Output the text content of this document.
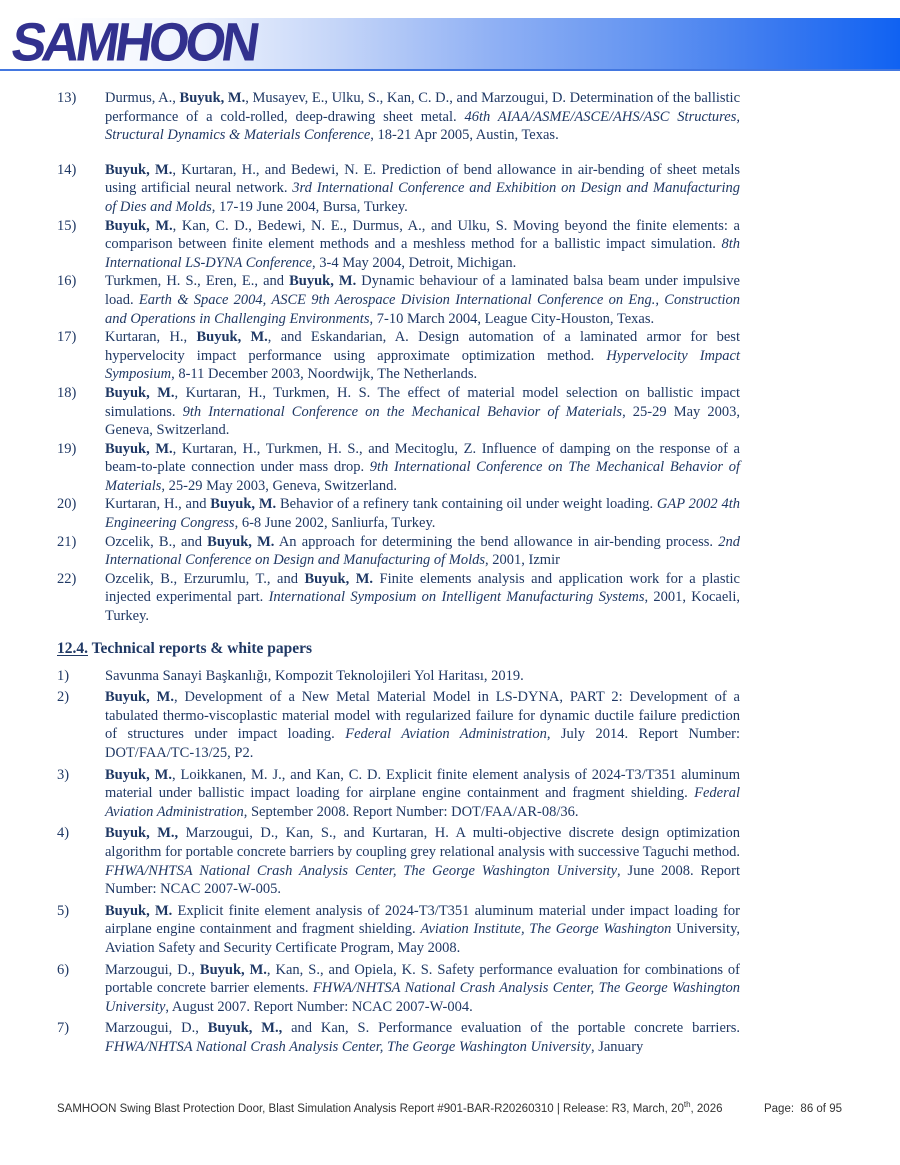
SAMHOON
13)	Durmus, A., Buyuk, M., Musayev, E., Ulku, S., Kan, C. D., and Marzougui, D. Determination of the ballistic performance of a cold-rolled, deep-drawing sheet metal. 46th AIAA/ASME/ASCE/AHS/ASC Structures, Structural Dynamics & Materials Conference, 18-21 Apr 2005, Austin, Texas.
14)	Buyuk, M., Kurtaran, H., and Bedewi, N. E. Prediction of bend allowance in air-bending of sheet metals using artificial neural network. 3rd International Conference and Exhibition on Design and Manufacturing of Dies and Molds, 17-19 June 2004, Bursa, Turkey.
15)	Buyuk, M., Kan, C. D., Bedewi, N. E., Durmus, A., and Ulku, S. Moving beyond the finite elements: a comparison between finite element methods and a meshless method for a ballistic impact simulation. 8th International LS-DYNA Conference, 3-4 May 2004, Detroit, Michigan.
16)	Turkmen, H. S., Eren, E., and Buyuk, M. Dynamic behaviour of a laminated balsa beam under impulsive load. Earth & Space 2004, ASCE 9th Aerospace Division International Conference on Eng., Construction and Operations in Challenging Environments, 7-10 March 2004, League City-Houston, Texas.
17)	Kurtaran, H., Buyuk, M., and Eskandarian, A. Design automation of a laminated armor for best hypervelocity impact performance using approximate optimization method. Hypervelocity Impact Symposium, 8-11 December 2003, Noordwijk, The Netherlands.
18)	Buyuk, M., Kurtaran, H., Turkmen, H. S. The effect of material model selection on ballistic impact simulations. 9th International Conference on the Mechanical Behavior of Materials, 25-29 May 2003, Geneva, Switzerland.
19)	Buyuk, M., Kurtaran, H., Turkmen, H. S., and Mecitoglu, Z. Influence of damping on the response of a beam-to-plate connection under mass drop. 9th International Conference on The Mechanical Behavior of Materials, 25-29 May 2003, Geneva, Switzerland.
20)	Kurtaran, H., and Buyuk, M. Behavior of a refinery tank containing oil under weight loading. GAP 2002 4th Engineering Congress, 6-8 June 2002, Sanliurfa, Turkey.
21)	Ozcelik, B., and Buyuk, M. An approach for determining the bend allowance in air-bending process. 2nd International Conference on Design and Manufacturing of Molds, 2001, Izmir
22)	Ozcelik, B., Erzurumlu, T., and Buyuk, M. Finite elements analysis and application work for a plastic injected experimental part. International Symposium on Intelligent Manufacturing Systems, 2001, Kocaeli, Turkey.
12.4. Technical reports & white papers
1)	Savunma Sanayi Başkanlığı, Kompozit Teknolojileri Yol Haritası, 2019.
2)	Buyuk, M., Development of a New Metal Material Model in LS-DYNA, PART 2: Development of a tabulated thermo-viscoplastic material model with regularized failure for dynamic ductile failure prediction of structures under impact loading. Federal Aviation Administration, July 2014. Report Number: DOT/FAA/TC-13/25, P2.
3)	Buyuk, M., Loikkanen, M. J., and Kan, C. D. Explicit finite element analysis of 2024-T3/T351 aluminum material under ballistic impact loading for airplane engine containment and fragment shielding. Federal Aviation Administration, September 2008. Report Number: DOT/FAA/AR-08/36.
4)	Buyuk, M., Marzougui, D., Kan, S., and Kurtaran, H. A multi-objective discrete design optimization algorithm for portable concrete barriers by coupling grey relational analysis with successive Taguchi method. FHWA/NHTSA National Crash Analysis Center, The George Washington University, June 2008. Report Number: NCAC 2007-W-005.
5)	Buyuk, M. Explicit finite element analysis of 2024-T3/T351 aluminum material under impact loading for airplane engine containment and fragment shielding. Aviation Institute, The George Washington University, Aviation Safety and Security Certificate Program, May 2008.
6)	Marzougui, D., Buyuk, M., Kan, S., and Opiela, K. S. Safety performance evaluation for combinations of portable concrete barrier elements. FHWA/NHTSA National Crash Analysis Center, The George Washington University, August 2007. Report Number: NCAC 2007-W-004.
7)	Marzougui, D., Buyuk, M., and Kan, S. Performance evaluation of the portable concrete barriers. FHWA/NHTSA National Crash Analysis Center, The George Washington University, January
SAMHOON Swing Blast Protection Door, Blast Simulation Analysis Report #901-BAR-R20260310 | Release: R3, March, 20th, 2026	Page:  86 of 95
